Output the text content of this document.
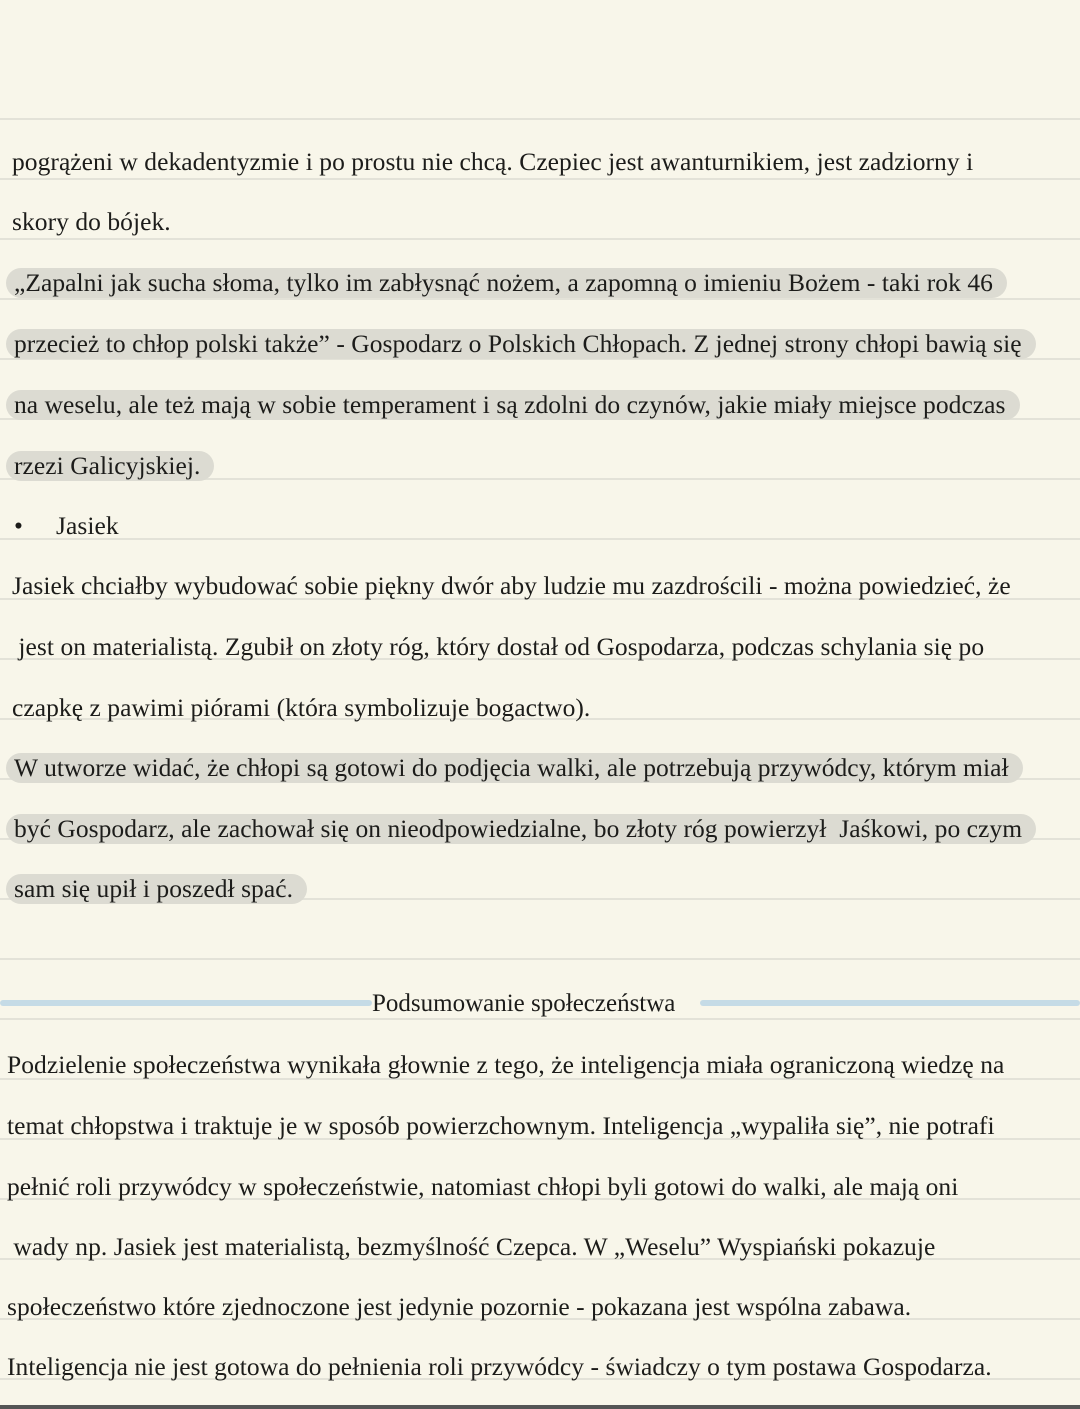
pogrążeni w dekadentyzmie i po prostu nie chcą. Czepiec jest awanturnikiem, jest zadziorny i
skory do bójek.
„Zapalni jak sucha słoma, tylko im zabłysnąć nożem, a zapomną o imieniu Bożem - taki rok 46
przecież to chłop polski także” - Gospodarz o Polskich Chłopach. Z jednej strony chłopi bawią się
na weselu, ale też mają w sobie temperament i są zdolni do czynów, jakie miały miejsce podczas
rzezi Galicyjskiej.
• Jasiek
Jasiek chciałby wybudować sobie piękny dwór aby ludzie mu zazdrościli - można powiedzieć, że
jest on materialistą. Zgubił on złoty róg, który dostał od Gospodarza, podczas schylania się po
czapkę z pawimi piórami (która symbolizuje bogactwo).
W utworze widać, że chłopi są gotowi do podjęcia walki, ale potrzebują przywódcy, którym miał
być Gospodarz, ale zachował się on nieodpowiedzialne, bo złoty róg powierzył  Jaśkowi, po czym
sam się upił i poszedł spać.
Podsumowanie społeczeństwa
Podzielenie społeczeństwa wynikała głownie z tego, że inteligencja miała ograniczoną wiedzę na
temat chłopstwa i traktuje je w sposób powierzchownym. Inteligencja „wypaliła się”, nie potrafi
pełnić roli przywódcy w społeczeństwie, natomiast chłopi byli gotowi do walki, ale mają oni
wady np. Jasiek jest materialistą, bezmyślność Czepca. W „Weselu” Wyspiański pokazuje
społeczeństwo które zjednoczone jest jedynie pozornie - pokazana jest wspólna zabawa.
Inteligencja nie jest gotowa do pełnienia roli przywódcy - świadczy o tym postawa Gospodarza.
